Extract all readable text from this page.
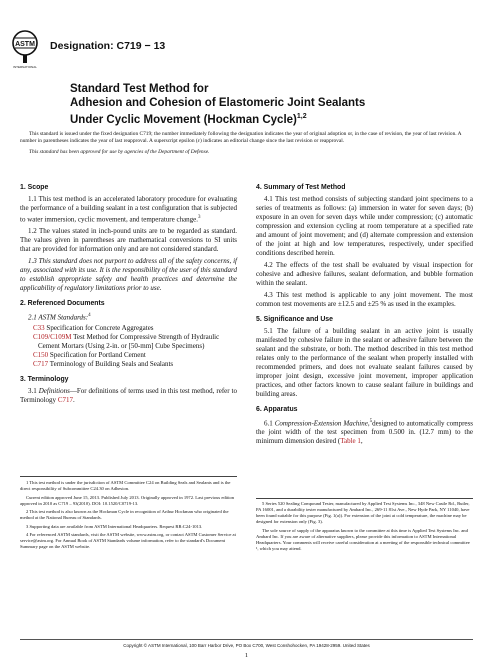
ASTM
INTERNATIONAL
Designation: C719 − 13
Standard Test Method for
Adhesion and Cohesion of Elastomeric Joint Sealants
Under Cyclic Movement (Hockman Cycle)$^{1,2}$

This standard is issued under the fixed designation C719; the number immediately following the designation indicates the year of original adoption or, in the case of revision, the year of last revision. A number in parentheses indicates the year of last reapproval. A superscript epsilon (ε) indicates an editorial change since the last revision or reapproval.

This standard has been approved for use by agencies of the Department of Defense.

1. Scope

1.1 This test method is an accelerated laboratory procedure for evaluating the performance of a building sealant in a test configuration that is subjected to water immersion, cyclic movement, and temperature change.$^3$

1.2 The values stated in inch-pound units are to be regarded as standard. The values given in parentheses are mathematical conversions to SI units that are provided for information only and are not considered standard.

1.3 This standard does not purport to address all of the safety concerns, if any, associated with its use. It is the responsibility of the user of this standard to establish appropriate safety and health practices and determine the applicability of regulatory limitations prior to use.

2. Referenced Documents
2.1 ASTM Standards:$^4$
C33 Specification for Concrete Aggregates
C109/C109M Test Method for Compressive Strength of Hydraulic Cement Mortars (Using 2-in. or [50-mm] Cube Specimens)
C150 Specification for Portland Cement
C717 Terminology of Building Seals and Sealants
3. Terminology

3.1 Definitions—For definitions of terms used in this test method, refer to Terminology C717.

4. Summary of Test Method

4.1 This test method consists of subjecting standard joint specimens to a series of treatments as follows: (a) immersion in water for seven days; (b) exposure in an oven for seven days while under compression; (c) automatic compression and extension cycling at room temperature at a specified rate and amount of joint movement; and (d) alternate compression and extension of the joint at high and low temperatures, respectively, under specified conditions described herein.

4.2 The effects of the test shall be evaluated by visual inspection for cohesive and adhesive failures, sealant deformation, and bubble formation within the sealant.

4.3 This test method is applicable to any joint movement. The most common test movements are ±12.5 and ±25 % as used in the examples.

5. Significance and Use

5.1 The failure of a building sealant in an active joint is usually manifested by cohesive failure in the sealant or adhesive failure between the sealant and the substrate, or both. The method described in this test method relates only to the performance of the sealant when properly installed with recommended primers, and does not evaluate sealant failures caused by improper joint design, excessive joint movement, improper application practices, and other factors known to cause sealant failure in buildings and building areas.

6. Apparatus

6.1 Compression-Extension Machine,$^5$designed to automatically compress the joint width of the test specimen from 0.500 in. (12.7 mm) to the minimum dimension desired (Table 1,

1 This test method is under the jurisdiction of ASTM Committee C24 on Building Seals and Sealants and is the direct responsibility of Subcommittee C24.30 on Adhesion.

Current edition approved June 15, 2013. Published July 2013. Originally approved in 1972. Last previous edition approved in 2010 as C719 – 93(2010). DOI: 10.1520/C0719-13.

2 This test method is also known as the Hockman Cycle in recognition of Arthur Hockman who originated the method at the National Bureau of Standards.

3 Supporting data are available from ASTM International Headquarters. Request RR:C24-1013.

4 For referenced ASTM standards, visit the ASTM website, www.astm.org, or contact ASTM Customer Service at service@astm.org. For Annual Book of ASTM Standards volume information, refer to the standard's Document Summary page on the ASTM website.

5 Series 520 Sealing Compound Tester, manufactured by Applied Test Systems Inc., 348 New Castle Rd., Butler, PA 16001, and a durability tester manufactured by Ambard Inc., 269-11 81st Ave., New Hyde Park, NY 11040, have been found suitable for this purpose (Fig. 1(a)). For extension of the joint at cold temperature, the machine may be designed for extension only (Fig. 3).

The sole source of supply of the apparatus known to the committee at this time is Applied Test Systems Inc. and Ambard Inc. If you are aware of alternative suppliers, please provide this information to ASTM International Headquarters. Your comments will receive careful consideration at a meeting of the responsible technical committee ¹, which you may attend.

Copyright © ASTM International, 100 Barr Harbor Drive, PO Box C700, West Conshohocken, PA 19428-2959. United States
1
